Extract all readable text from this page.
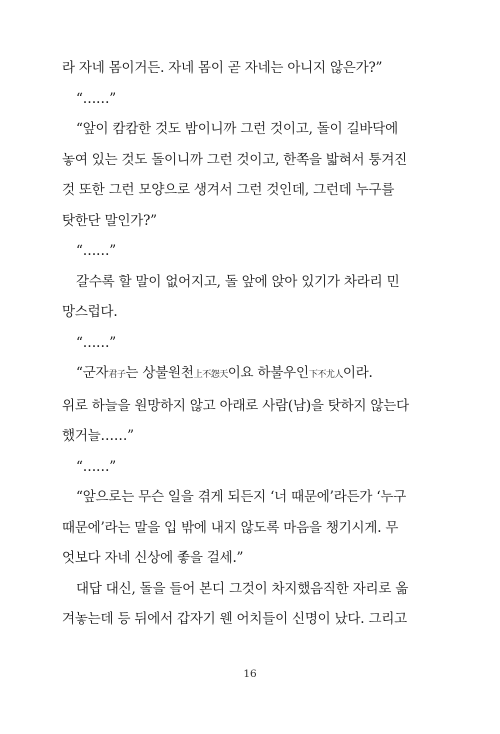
라 자네 몸이거든. 자네 몸이 곧 자네는 아니지 않은가?”

“……”

“앞이 캄캄한 것도 밤이니까 그런 것이고, 돌이 길바닥에
놓여 있는 것도 돌이니까 그런 것이고, 한쪽을 밟혀서 퉁겨진
것 또한 그런 모양으로 생겨서 그런 것인데, 그런데 누구를
탓한단 말인가?”

“……”

갈수록 할 말이 없어지고, 돌 앞에 앉아 있기가 차라리 민
망스럽다.

“……”

“군자君子는 상불원천上不怨天이요 하불우인下不尤人이라.
위로 하늘을 원망하지 않고 아래로 사람(남)을 탓하지 않는다
했거늘……”

“……”

“앞으로는 무슨 일을 겪게 되든지 ‘너 때문에’라든가 ‘누구
때문에’라는 말을 입 밖에 내지 않도록 마음을 챙기시게. 무
엇보다 자네 신상에 좋을 걸세.”

대답 대신, 돌을 들어 본디 그것이 차지했음직한 자리로 옮
겨놓는데 등 뒤에서 갑자기 웬 어치들이 신명이 났다. 그리고

16
